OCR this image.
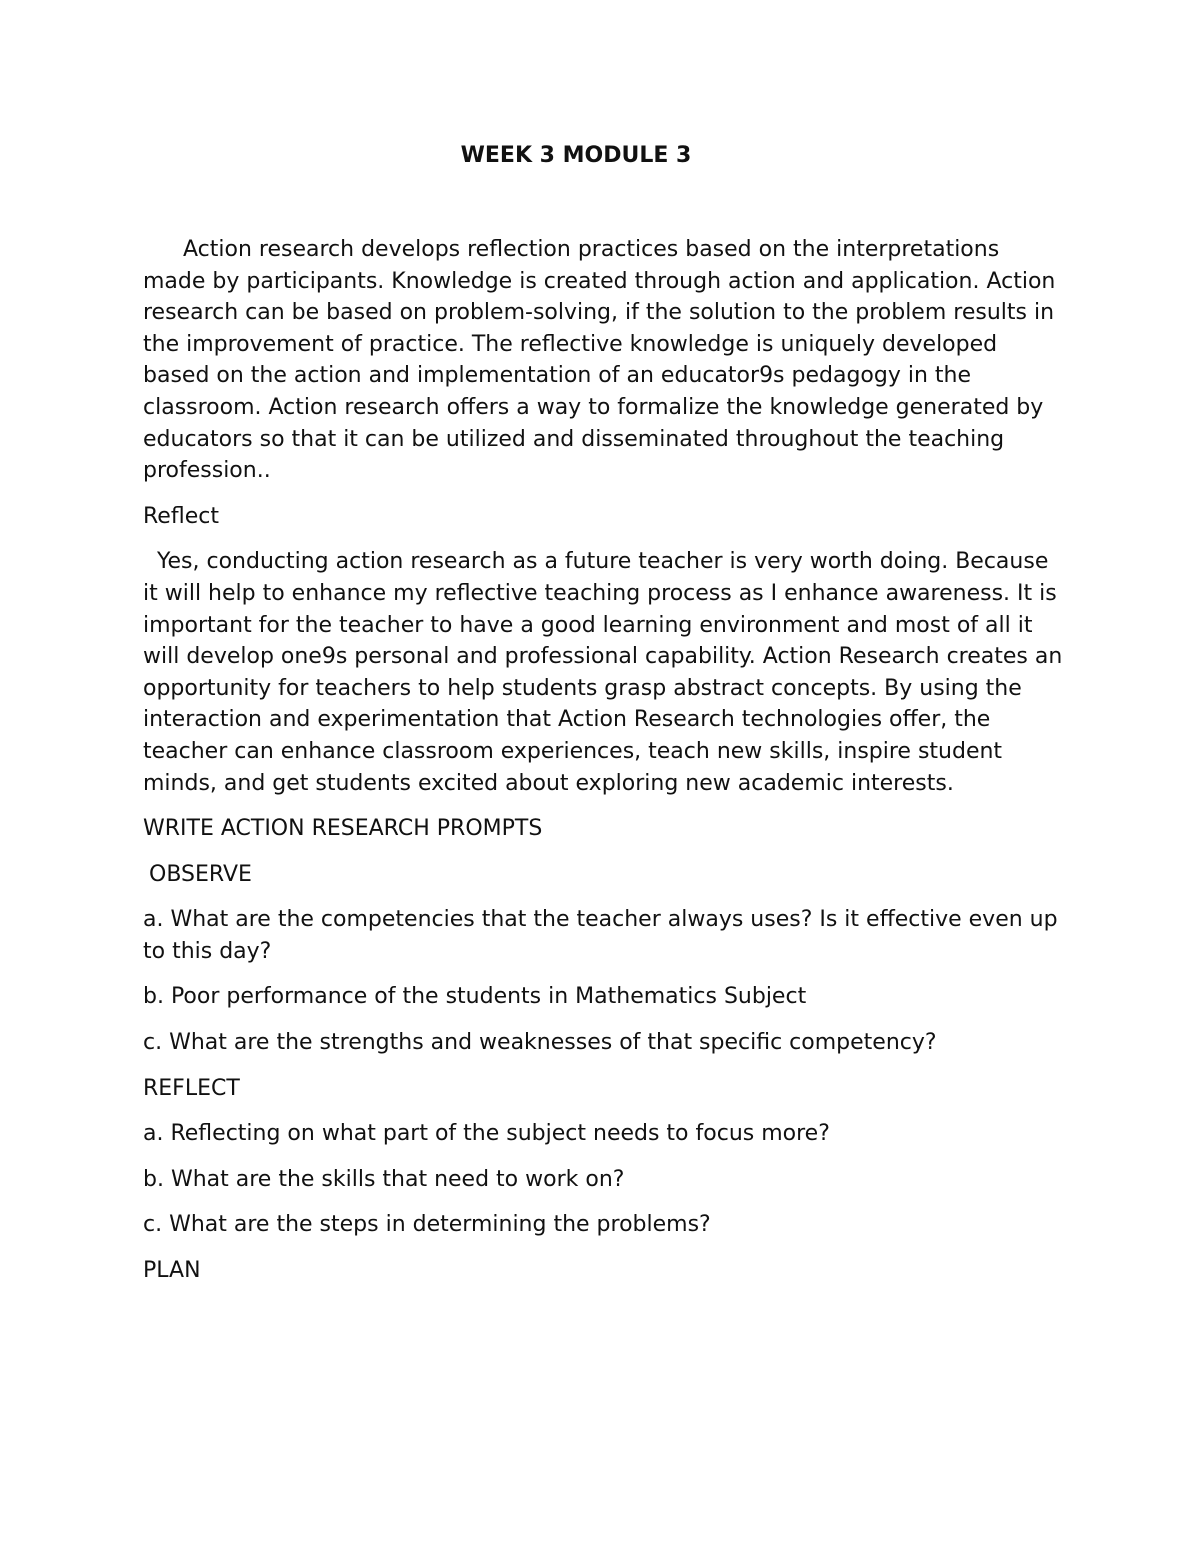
WEEK 3 MODULE 3

Action research develops reflection practices based on the interpretations made by participants. Knowledge is created through action and application. Action research can be based on problem-solving, if the solution to the problem results in the improvement of practice. The reflective knowledge is uniquely developed based on the action and implementation of an educator9s pedagogy in the classroom. Action research offers a way to formalize the knowledge generated by educators so that it can be utilized and disseminated throughout the teaching profession..

Reflect

Yes, conducting action research as a future teacher is very worth doing. Because it will help to enhance my reflective teaching process as I enhance awareness. It is important for the teacher to have a good learning environment and most of all it will develop one9s personal and professional capability. Action Research creates an opportunity for teachers to help students grasp abstract concepts. By using the interaction and experimentation that Action Research technologies offer, the teacher can enhance classroom experiences, teach new skills, inspire student minds, and get students excited about exploring new academic interests.

WRITE ACTION RESEARCH PROMPTS

OBSERVE

a. What are the competencies that the teacher always uses? Is it effective even up to this day?

b. Poor performance of the students in Mathematics Subject

c. What are the strengths and weaknesses of that specific competency?

REFLECT

a. Reflecting on what part of the subject needs to focus more?

b. What are the skills that need to work on?

c. What are the steps in determining the problems?

PLAN
